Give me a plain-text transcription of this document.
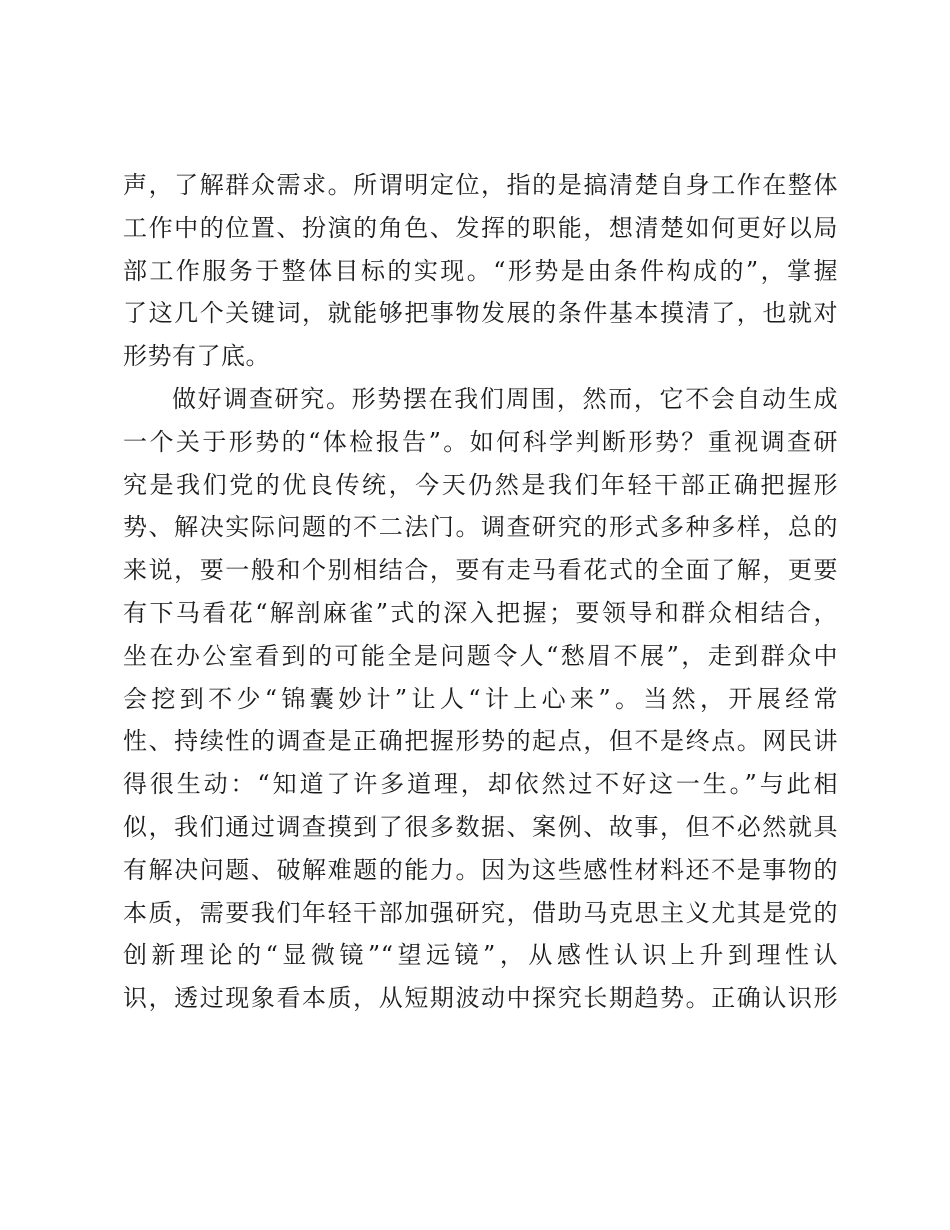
声，了解群众需求。所谓明定位，指的是搞清楚自身工作在整体
工作中的位置、扮演的角色、发挥的职能，想清楚如何更好以局
部工作服务于整体目标的实现。“形势是由条件构成的”，掌握
了这几个关键词，就能够把事物发展的条件基本摸清了，也就对
形势有了底。
做好调查研究。形势摆在我们周围，然而，它不会自动生成
一个关于形势的“体检报告”。如何科学判断形势？重视调查研
究是我们党的优良传统，今天仍然是我们年轻干部正确把握形
势、解决实际问题的不二法门。调查研究的形式多种多样，总的
来说，要一般和个别相结合，要有走马看花式的全面了解，更要
有下马看花“解剖麻雀”式的深入把握；要领导和群众相结合，
坐在办公室看到的可能全是问题令人“愁眉不展”，走到群众中
会挖到不少“锦囊妙计”让人“计上心来”。当然，开展经常
性、持续性的调查是正确把握形势的起点，但不是终点。网民讲
得很生动：“知道了许多道理，却依然过不好这一生。”与此相
似，我们通过调查摸到了很多数据、案例、故事，但不必然就具
有解决问题、破解难题的能力。因为这些感性材料还不是事物的
本质，需要我们年轻干部加强研究，借助马克思主义尤其是党的
创新理论的“显微镜”“望远镜”，从感性认识上升到理性认
识，透过现象看本质，从短期波动中探究长期趋势。正确认识形
